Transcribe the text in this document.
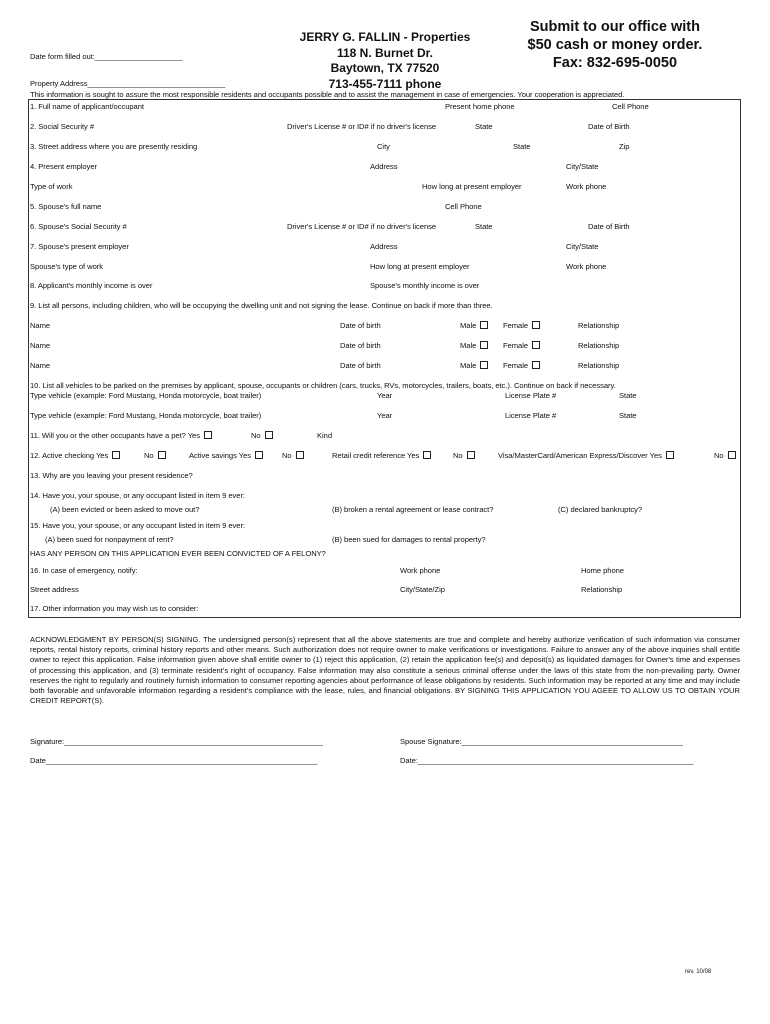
Date form filled out:_____________________
Property Address_________________________________
JERRY G. FALLIN - Properties
118 N. Burnet Dr.
Baytown, TX 77520
713-455-7111 phone
Submit to our office with
$50 cash or money order.
Fax: 832-695-0050
This information is sought to assure the most responsible residents and occupants possible and to assist the management in case of emergencies. Your cooperation is appreciated.
1. Full name of applicant/occupant	Present home phone	Cell Phone
2. Social Security #	Driver's License # or ID# if no driver's license	State	Date of Birth
3. Street address where you are presently residing	City	State	Zip
4. Present employer	Address	City/State
Type of work	How long at present employer	Work phone
5. Spouse's full name	Cell Phone
6. Spouse's Social Security #	Driver's License # or ID# if no driver's license	State	Date of Birth
7. Spouse's present employer	Address	City/State
Spouse's type of work	How long at present employer	Work phone
8. Applicant's monthly income is over	Spouse's monthly income is over
9. List all persons, including children, who will be occupying the dwelling unit and not signing the lease. Continue on back if more than three.
Name	Date of birth	Male	Female	Relationship
Name	Date of birth	Male	Female	Relationship
Name	Date of birth	Male	Female	Relationship
10. List all vehicles to be parked on the premises by applicant, spouse, occupants or children (cars, trucks, RVs, motorcycles, trailers, boats, etc.). Continue on back if necessary.
Type vehicle (example: Ford Mustang, Honda motorcycle, boat trailer)	Year	License Plate #	State
Type vehicle (example: Ford Mustang, Honda motorcycle, boat trailer)	Year	License Plate #	State
11. Will you or the other occupants have a pet? Yes	No	Kind
12. Active checking Yes	No	Active savings Yes	No	Retail credit reference Yes	No	Visa/MasterCard/American Express/Discover Yes	No
13. Why are you leaving your present residence?
14. Have you, your spouse, or any occupant listed in item 9 ever:
(A) been evicted or been asked to move out?	(B) broken a rental agreement or lease contract?	(C) declared bankruptcy?
15. Have you, your spouse, or any occupant listed in item 9 ever:
(A) been sued for nonpayment of rent?	(B) been sued for damages to rental property?
HAS ANY PERSON ON THIS APPLICATION EVER BEEN CONVICTED OF A FELONY?
16. In case of emergency, notify:	Work phone	Home phone
Street address	City/State/Zip	Relationship
17. Other information you may wish us to consider:
ACKNOWLEDGMENT BY PERSON(S) SIGNING. The undersigned person(s) represent that all the above statements are true and complete and hereby authorize verification of such information via consumer reports, rental history reports, criminal history reports and other means. Such authorization does not require owner to make verifications or investigations. Failure to answer any of the above inquiries shall entitle owner to reject this application. False information given above shall entitle owner to (1) reject this application, (2) retain the application fee(s) and deposit(s) as liquidated damages for Owner's time and expenses of processing this application, and (3) terminate resident's right of occupancy. False information may also constitute a serious criminal offense under the laws of this state from the non-prevailing party. Owner reserves the right to regularly and routinely furnish information to consumer reporting agencies about performance of lease obligations by residents. Such information may be reported at any time and may include both favorable and unfavorable information regarding a resident's compliance with the lease, rules, and financial obligations. BY SIGNING THIS APPLICATION YOU AGEEE TO ALLOW US TO OBTAIN YOUR CREDIT REPORT(S).
Signature:______________________________________________________________	Spouse Signature:_____________________________________________________
Date_________________________________________________________________	Date:__________________________________________________________________
rev. 10/08
